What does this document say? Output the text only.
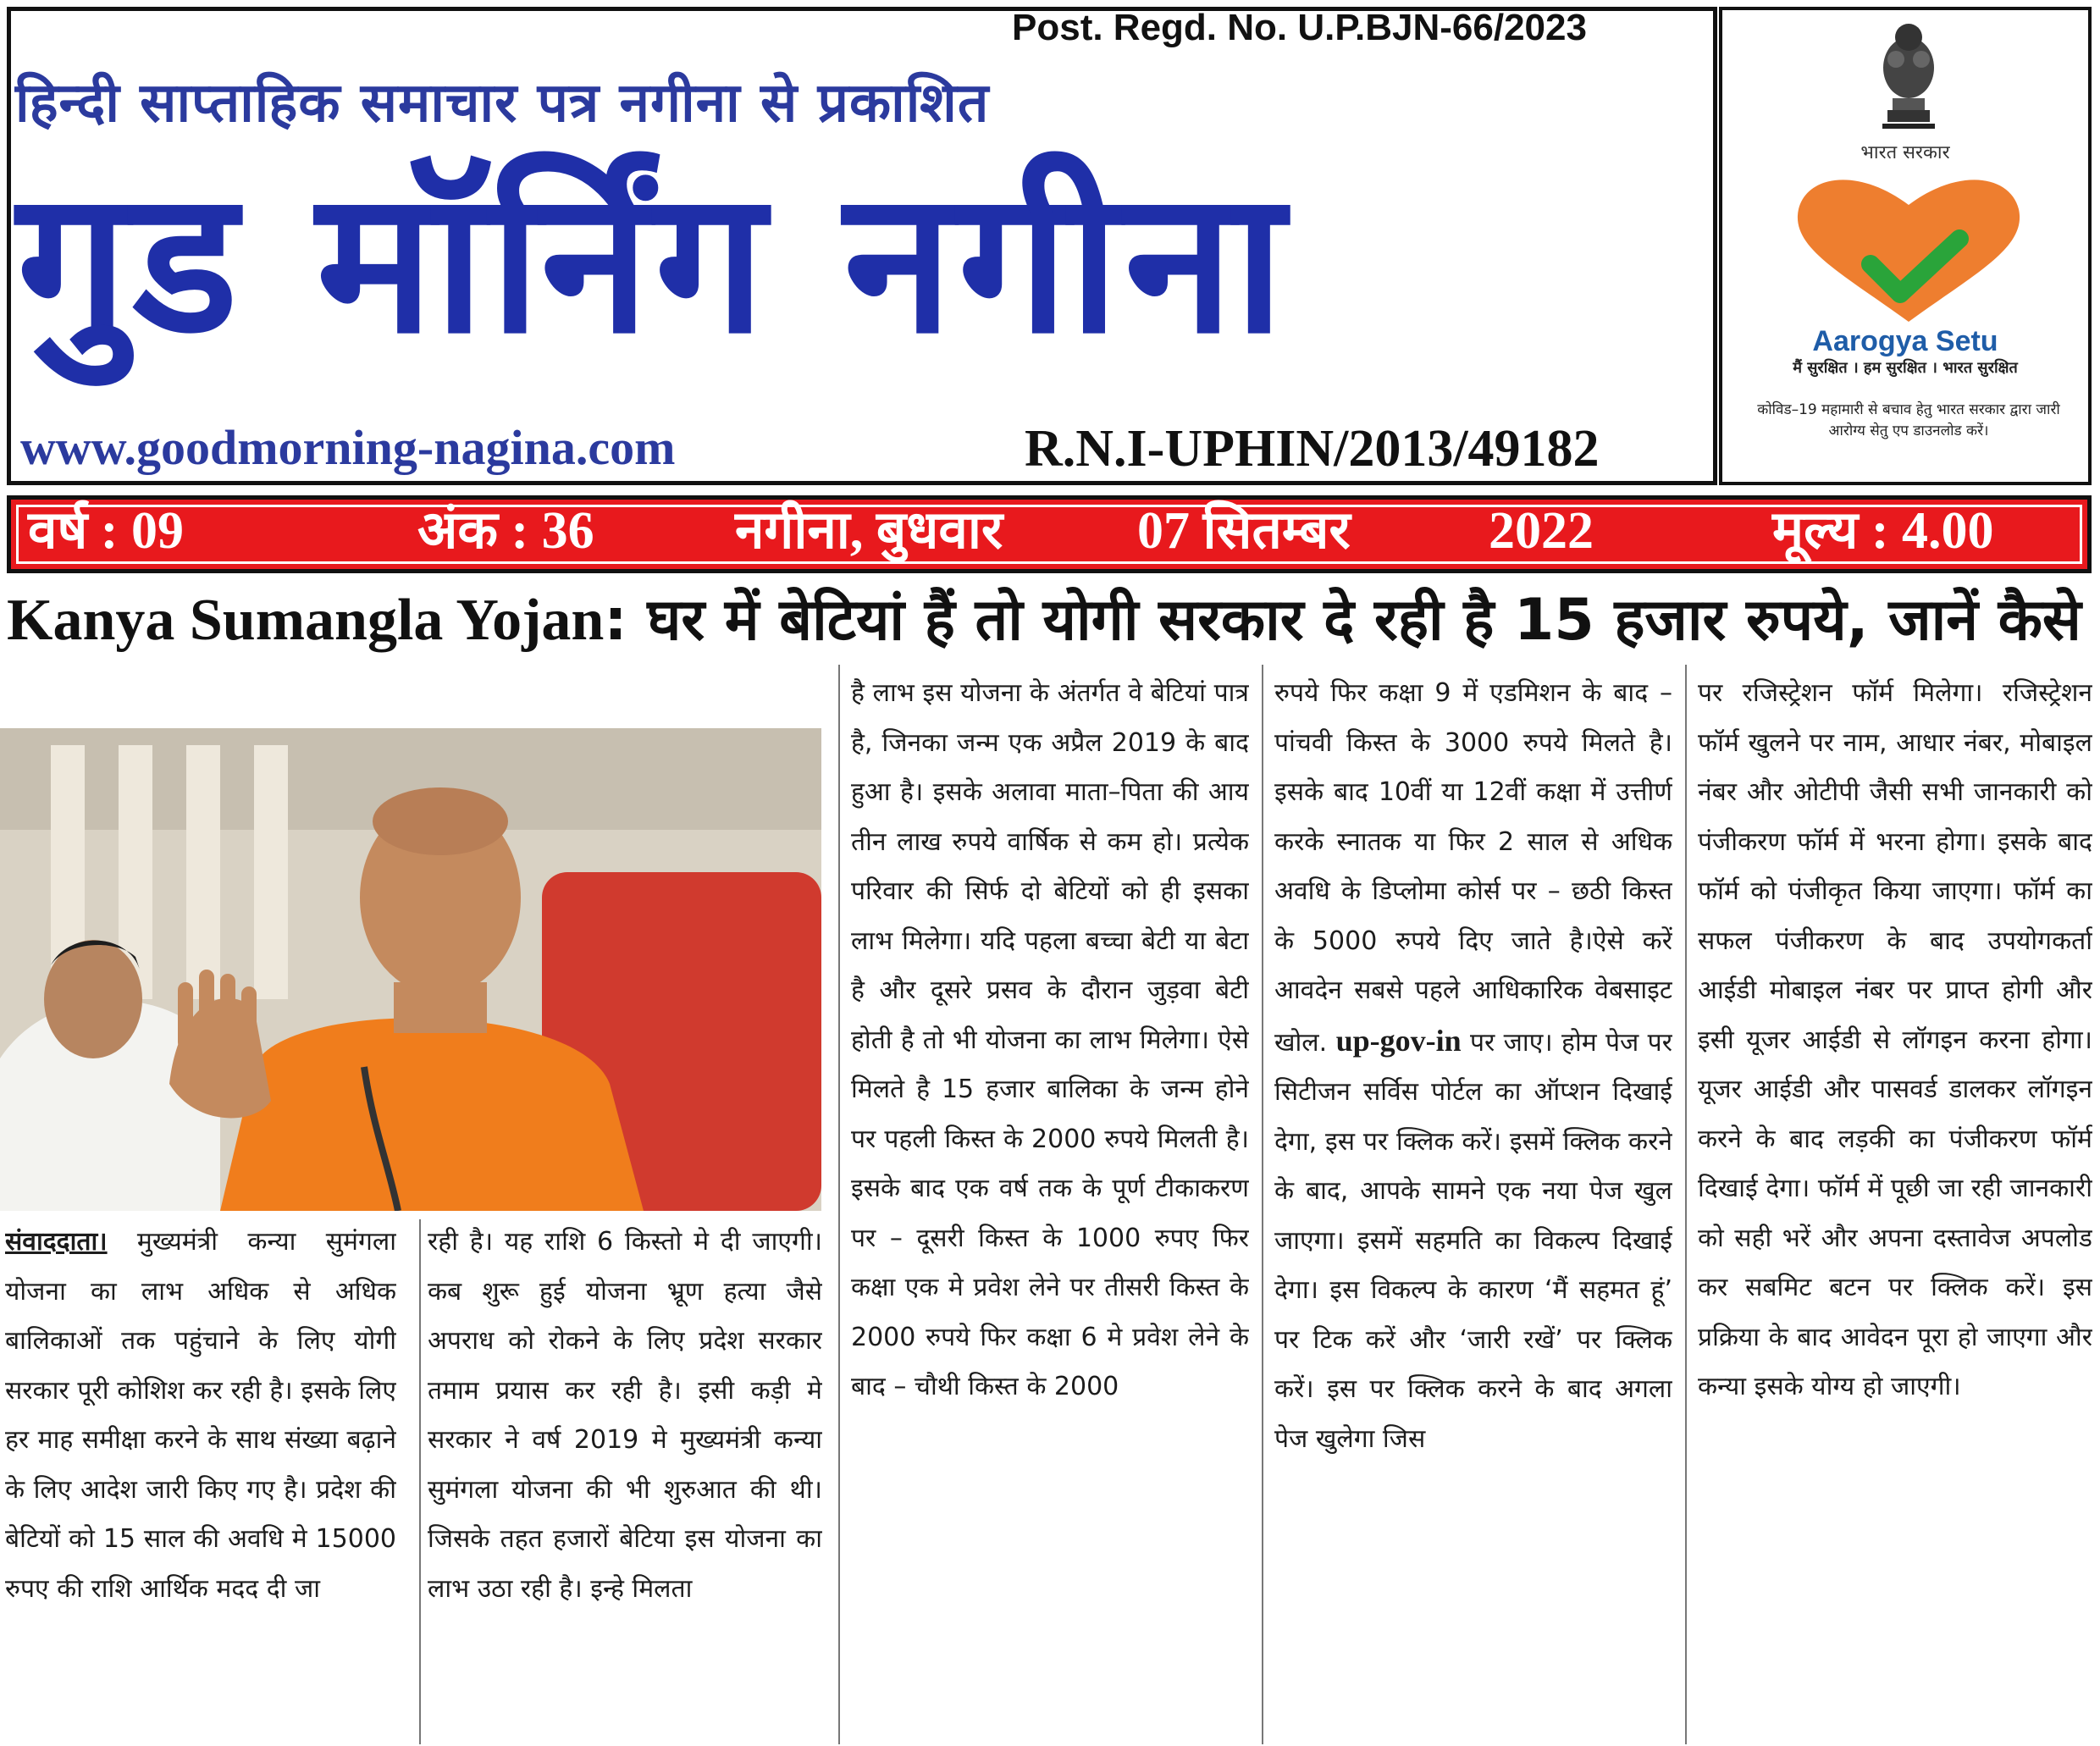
Post. Regd. No. U.P.BJN-66/2023
हिन्दी साप्ताहिक समाचार पत्र नगीना से प्रकाशित
गुड मॉर्निंग नगीना
www.goodmorning-nagina.com	R.N.I-UPHIN/2013/49182
भारत सरकार
Aarogya Setu
मैं सुरक्षित । हम सुरक्षित । भारत सुरक्षित
कोविड–19 महामारी से बचाव हेतु भारत सरकार द्वारा जारी आरोग्य सेतु एप डाउनलोड करें।
वर्ष : 09	अंक : 36	नगीना, बुधवार	07 सितम्बर	2022	मूल्य : 4.00
Kanya Sumangla Yojan: घर में बेटियां हैं तो योगी सरकार दे रही है 15 हजार रुपये, जानें कैसे
संवाददाता। मुख्यमंत्री कन्या सुमंगला योजना का लाभ अधिक से अधिक बालिकाओं तक पहुंचाने के लिए योगी सरकार पूरी कोशिश कर रही है। इसके लिए हर माह समीक्षा करने के साथ संख्या बढ़ाने के लिए आदेश जारी किए गए है। प्रदेश की बेटियों को 15 साल की अवधि मे 15000 रुपए की राशि आर्थिक मदद दी जा
रही है। यह राशि 6 किस्तो मे दी जाएगी।कब शुरू हुई योजना भ्रूण हत्या जैसे अपराध को रोकने के लिए प्रदेश सरकार तमाम प्रयास कर रही है। इसी कड़ी मे सरकार ने वर्ष 2019 मे मुख्यमंत्री कन्या सुमंगला योजना की भी शुरुआत की थी। जिसके तहत हजारों बेटिया इस योजना का लाभ उठा रही है। इन्हे मिलता
है लाभ इस योजना के अंतर्गत वे बेटियां पात्र है, जिनका जन्म एक अप्रैल 2019 के बाद हुआ है। इसके अलावा माता–पिता की आय तीन लाख रुपये वार्षिक से कम हो। प्रत्येक परिवार की सिर्फ दो बेटियों को ही इसका लाभ मिलेगा। यदि पहला बच्चा बेटी या बेटा है और दूसरे प्रसव के दौरान जुड़वा बेटी होती है तो भी योजना का लाभ मिलेगा। ऐसे मिलते है 15 हजार बालिका के जन्म होने पर पहली किस्त के 2000 रुपये मिलती है। इसके बाद एक वर्ष तक के पूर्ण टीकाकरण पर – दूसरी किस्त के 1000 रुपए फिर कक्षा एक मे प्रवेश लेने पर तीसरी किस्त के 2000 रुपये फिर कक्षा 6 मे प्रवेश लेने के बाद – चौथी किस्त के 2000
रुपये फिर कक्षा 9 में एडमिशन के बाद – पांचवी किस्त के 3000 रुपये मिलते है। इसके बाद 10वीं या 12वीं कक्षा में उत्तीर्ण करके स्नातक या फिर 2 साल से अधिक अवधि के डिप्लोमा कोर्स पर – छठी किस्त के 5000 रुपये दिए जाते है।ऐसे करें आवदेन सबसे पहले आधिकारिक वेबसाइट खोल. up-gov-in पर जाए। होम पेज पर सिटीजन सर्विस पोर्टल का ऑप्शन दिखाई देगा, इस पर क्लिक करें। इसमें क्लिक करने के बाद, आपके सामने एक नया पेज खुल जाएगा। इसमें सहमति का विकल्प दिखाई देगा। इस विकल्प के कारण ‘मैं सहमत हूं’ पर टिक करें और ‘जारी रखें’ पर क्लिक करें। इस पर क्लिक करने के बाद अगला पेज खुलेगा जिस
पर रजिस्ट्रेशन फॉर्म मिलेगा। रजिस्ट्रेशन फॉर्म खुलने पर नाम, आधार नंबर, मोबाइल नंबर और ओटीपी जैसी सभी जानकारी को पंजीकरण फॉर्म में भरना होगा। इसके बाद फॉर्म को पंजीकृत किया जाएगा। फॉर्म का सफल पंजीकरण के बाद उपयोगकर्ता आईडी मोबाइल नंबर पर प्राप्त होगी और इसी यूजर आईडी से लॉगइन करना होगा। यूजर आईडी और पासवर्ड डालकर लॉगइन करने के बाद लड़की का पंजीकरण फॉर्म दिखाई देगा। फॉर्म में पूछी जा रही जानकारी को सही भरें और अपना दस्तावेज अपलोड कर सबमिट बटन पर क्लिक करें। इस प्रक्रिया के बाद आवेदन पूरा हो जाएगा और कन्या इसके योग्य हो जाएगी।
